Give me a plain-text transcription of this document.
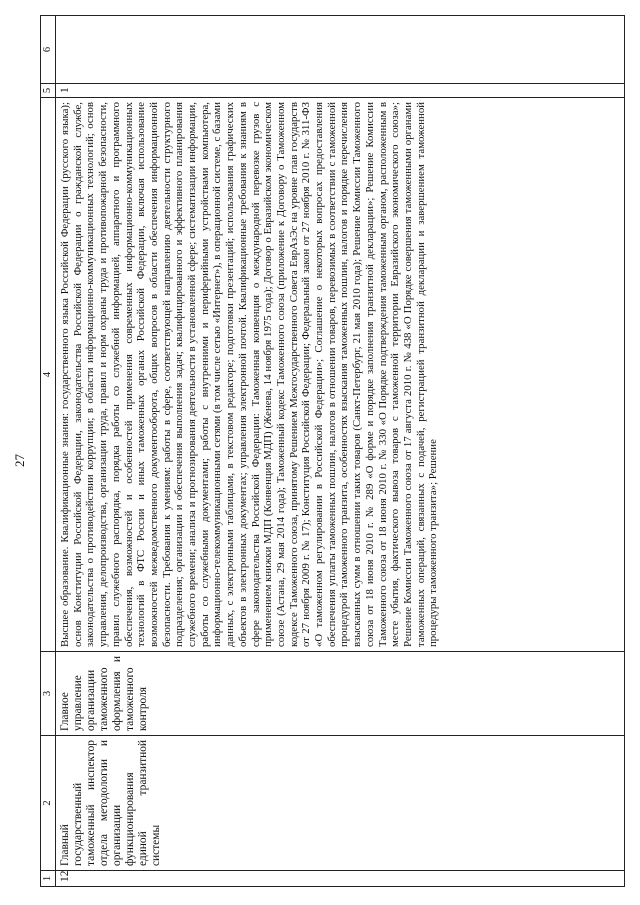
27
1	2	3	4	5	6
12	Главный государственный таможенный инспектор отдела методологии и организации функционирования единой транзитной системы	Главное управление организации таможенного оформления и таможенного контроля	Высшее образование. Квалификационные знания: государственного языка Российской Федерации (русского языка); основ Конституции Российской Федерации, законодательства Российской Федерации о гражданской службе, законодательства о противодействии коррупции; в области информационно-коммуникационных технологий; основ управления, делопроизводства, организации труда, правил и норм охраны труда и противопожарной безопасности, правил служебного распорядка, порядка работы со служебной информацией, аппаратного и программного обеспечения, возможностей и особенностей применения современных информационно-коммуникационных технологий в ФТС России и иных таможенных органах Российской Федерации, включая использование возможностей межведомственного документооборота, общих вопросов в области обеспечения информационной безопасности. Требования к умениям: работы в сфере, соответствующей направлению деятельности структурного подразделения; организации и обеспечения выполнения задач; квалифицированного и эффективного планирования служебного времени; анализа и прогнозирования деятельности в установленной сфере; систематизации информации, работы со служебными документами; работы с внутренними и периферийными устройствами компьютера, информационно-телекоммуникационными сетями (в том числе сетью «Интернет»), в операционной системе, с базами данных, с электронными таблицами, в текстовом редакторе; подготовки презентаций; использования графических объектов в электронных документах; управления электронной почтой. Квалификационные требования к знаниям в сфере законодательства Российской Федерации: Таможенная конвенция о международной перевозке грузов с применением книжки МДП (Конвенция МДП) (Женева, 14 ноября 1975 года); Договор о Евразийском экономическом союзе (Астана, 29 мая 2014 года); Таможенный кодекс Таможенного союза (приложение к Договору о Таможенном кодексе Таможенного союза, принятому Решением Межгосударственного Совета ЕврАзЭс на уровне глав государств от 27 ноября 2009 г. № 17); Конституция Российской Федерации; Федеральный закон от 27 ноября 2010 г. № 311-ФЗ «О таможенном регулировании в Российской Федерации»; Соглашение о некоторых вопросах предоставления обеспечения уплаты таможенных пошлин, налогов в отношении товаров, перевозимых в соответствии с таможенной процедурой таможенного транзита, особенностях взыскания таможенных пошлин, налогов и порядке перечисления взысканных сумм в отношении таких товаров (Санкт-Петербург, 21 мая 2010 года); Решение Комиссии Таможенного союза от 18 июня 2010 г. № 289 «О форме и порядке заполнения транзитной декларации»; Решение Комиссии Таможенного союза от 18 июня 2010 г. № 330 «О Порядке подтверждения таможенным органом, расположенным в месте убытия, фактического вывоза товаров с таможенной территории Евразийского экономического союза»; Решение Комиссии Таможенного союза от 17 августа 2010 г. № 438 «О Порядке совершения таможенными органами таможенных операций, связанных с подачей, регистрацией транзитной декларации и завершением таможенной процедуры таможенного транзита»; Решение	1	
